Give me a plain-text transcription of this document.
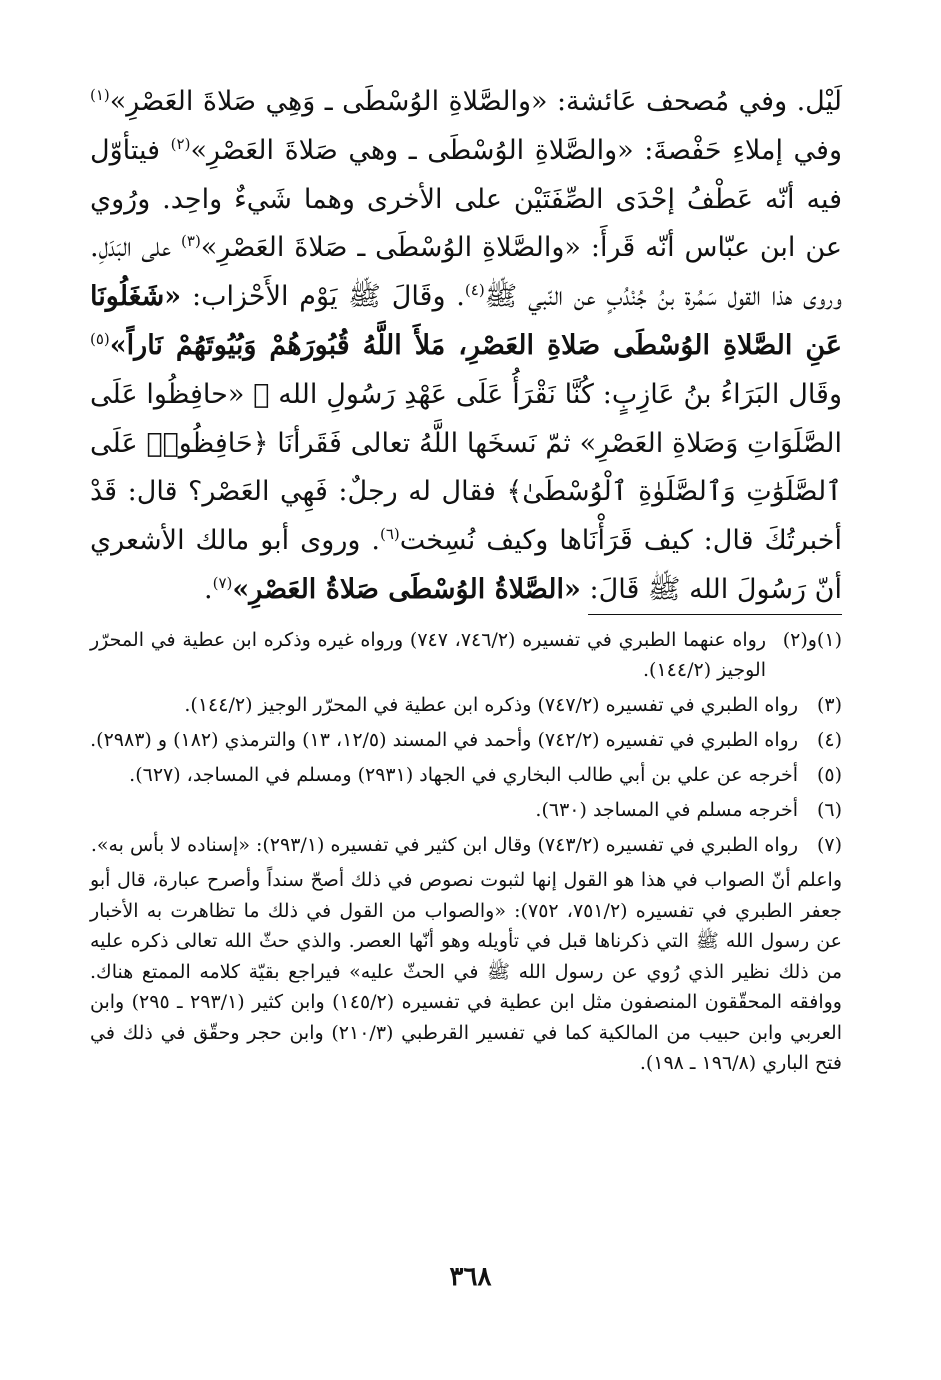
لَيْل. وفي مُصحف عَائشة: «والصَّلاةِ الوُسْطَى ـ وَهِي صَلاةَ العَصْرِ»$^{(١)}$ وفي إملاءِ حَفْصةَ: «والصَّلاةِ الوُسْطَى ـ وهي صَلاةَ العَصْرِ»$^{(٢)}$ فيتأوّل فيه أنّه عَطْفُ إحْدَى الصِّفَتَيْن على الأخرى وهما شَيءٌ واحِد. ورُوي عن ابن عبّاس أنّه قَرأَ: «والصَّلاةِ الوُسْطَى ـ صَلاةَ العَصْرِ»$^{(٣)}$ على البَدَلِ. وروى هذا القول سَمُرة بنُ جُنْدُبٍ عن النّبي ﷺ$^{(٤)}$. وقَالَ ﷺ يَوْم الأَحْزاب: «شَغَلُونَا عَنِ الصَّلاةِ الوُسْطَى صَلاةِ العَصْرِ، مَلأَ اللَّهُ قُبُورَهُمْ وَبُيُوتَهُمْ نَاراً»$^{(٥)}$ وقَال البَرَاءُ بنُ عَازِبٍ: كُنَّا نَقْرَأُ عَلَى عَهْدِ رَسُولِ الله ﷺ «حافِظُوا عَلَى الصَّلَوَاتِ وَصَلاةِ العَصْرِ» ثمّ نَسخَها اللَّهُ تعالى فَقَرأنَا ﴿حَافِظُوا۟ عَلَى ٱلصَّلَوَٰتِ وَٱلصَّلَوٰةِ ٱلْوُسْطَىٰ﴾ فقال له رجلٌ: فَهِي العَصْر؟ قال: قَدْ أخبرتُكَ قال: كيف قَرَأْنَاها وكيف نُسِخت$^{(٦)}$. وروى أبو مالك الأشعري أنّ رَسُولَ الله ﷺ قَالَ: «الصَّلاةُ الوُسْطَى صَلاةُ العَصْرِ»$^{(٧)}$.

(١)و(٢)
رواه عنهما الطبري في تفسيره (٧٤٦/٢، ٧٤٧) ورواه غيره وذكره ابن عطية في المحرّر الوجيز (١٤٤/٢).
(٣)
رواه الطبري في تفسيره (٧٤٧/٢) وذكره ابن عطية في المحرّر الوجيز (١٤٤/٢).
(٤)
رواه الطبري في تفسيره (٧٤٢/٢) وأحمد في المسند (١٢/٥، ١٣) والترمذي (١٨٢) و (٢٩٨٣).
(٥)
أخرجه عن علي بن أبي طالب البخاري في الجهاد (٢٩٣١) ومسلم في المساجد، (٦٢٧).
(٦)
أخرجه مسلم في المساجد (٦٣٠).
(٧)
رواه الطبري في تفسيره (٧٤٣/٢) وقال ابن كثير في تفسيره (٢٩٣/١): «إسناده لا بأس به».
واعلم أنّ الصواب في هذا هو القول إنها لثبوت نصوص في ذلك أصحّ سنداً وأصرح عبارة، قال أبو جعفر الطبري في تفسيره (٧٥١/٢، ٧٥٢): «والصواب من القول في ذلك ما تظاهرت به الأخبار عن رسول الله ﷺ التي ذكرناها قبل في تأويله وهو أنّها العصر. والذي حثّ الله تعالى ذكره عليه من ذلك نظير الذي رُوي عن رسول الله ﷺ في الحثّ عليه» فيراجع بقيّة كلامه الممتع هناك. ووافقه المحقّقون المنصفون مثل ابن عطية في تفسيره (١٤٥/٢) وابن كثير (٢٩٣/١ ـ ٢٩٥) وابن العربي وابن حبيب من المالكية كما في تفسير القرطبي (٢١٠/٣) وابن حجر وحقّق في ذلك في فتح الباري (١٩٦/٨ ـ ١٩٨).
٣٦٨
